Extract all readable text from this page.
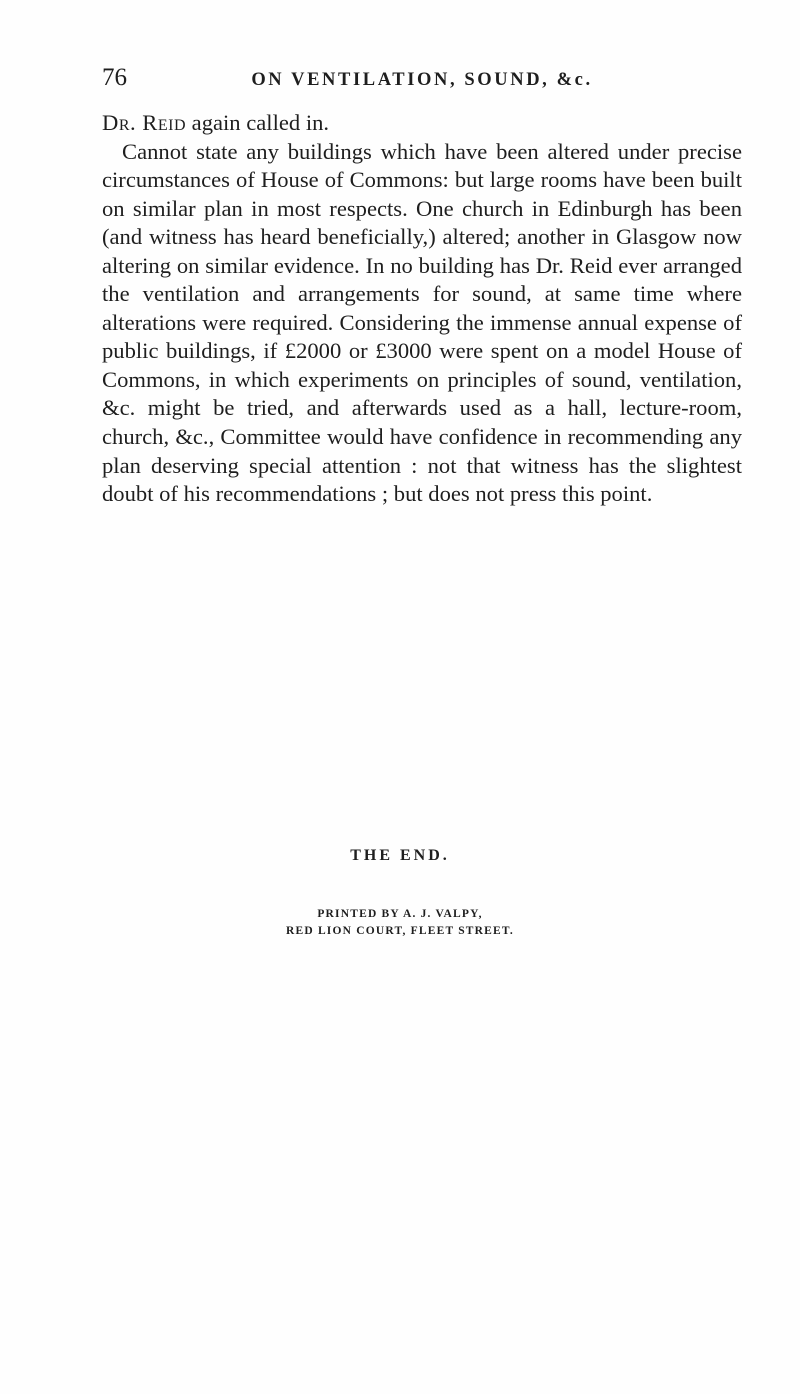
76	ON VENTILATION, SOUND, &c.

Dr. Reid again called in.

Cannot state any buildings which have been altered under precise circumstances of House of Commons: but large rooms have been built on similar plan in most respects. One church in Edinburgh has been (and witness has heard beneficially,) altered; another in Glasgow now altering on similar evidence. In no building has Dr. Reid ever arranged the ventilation and arrangements for sound, at same time where alterations were required. Considering the immense annual expense of public buildings, if £2000 or £3000 were spent on a model House of Commons, in which experiments on principles of sound, ventilation, &c. might be tried, and afterwards used as a hall, lecture-room, church, &c., Committee would have confidence in recommending any plan deserving special attention : not that witness has the slightest doubt of his recommendations ; but does not press this point.

THE END.
PRINTED BY A. J. VALPY,
RED LION COURT, FLEET STREET.
